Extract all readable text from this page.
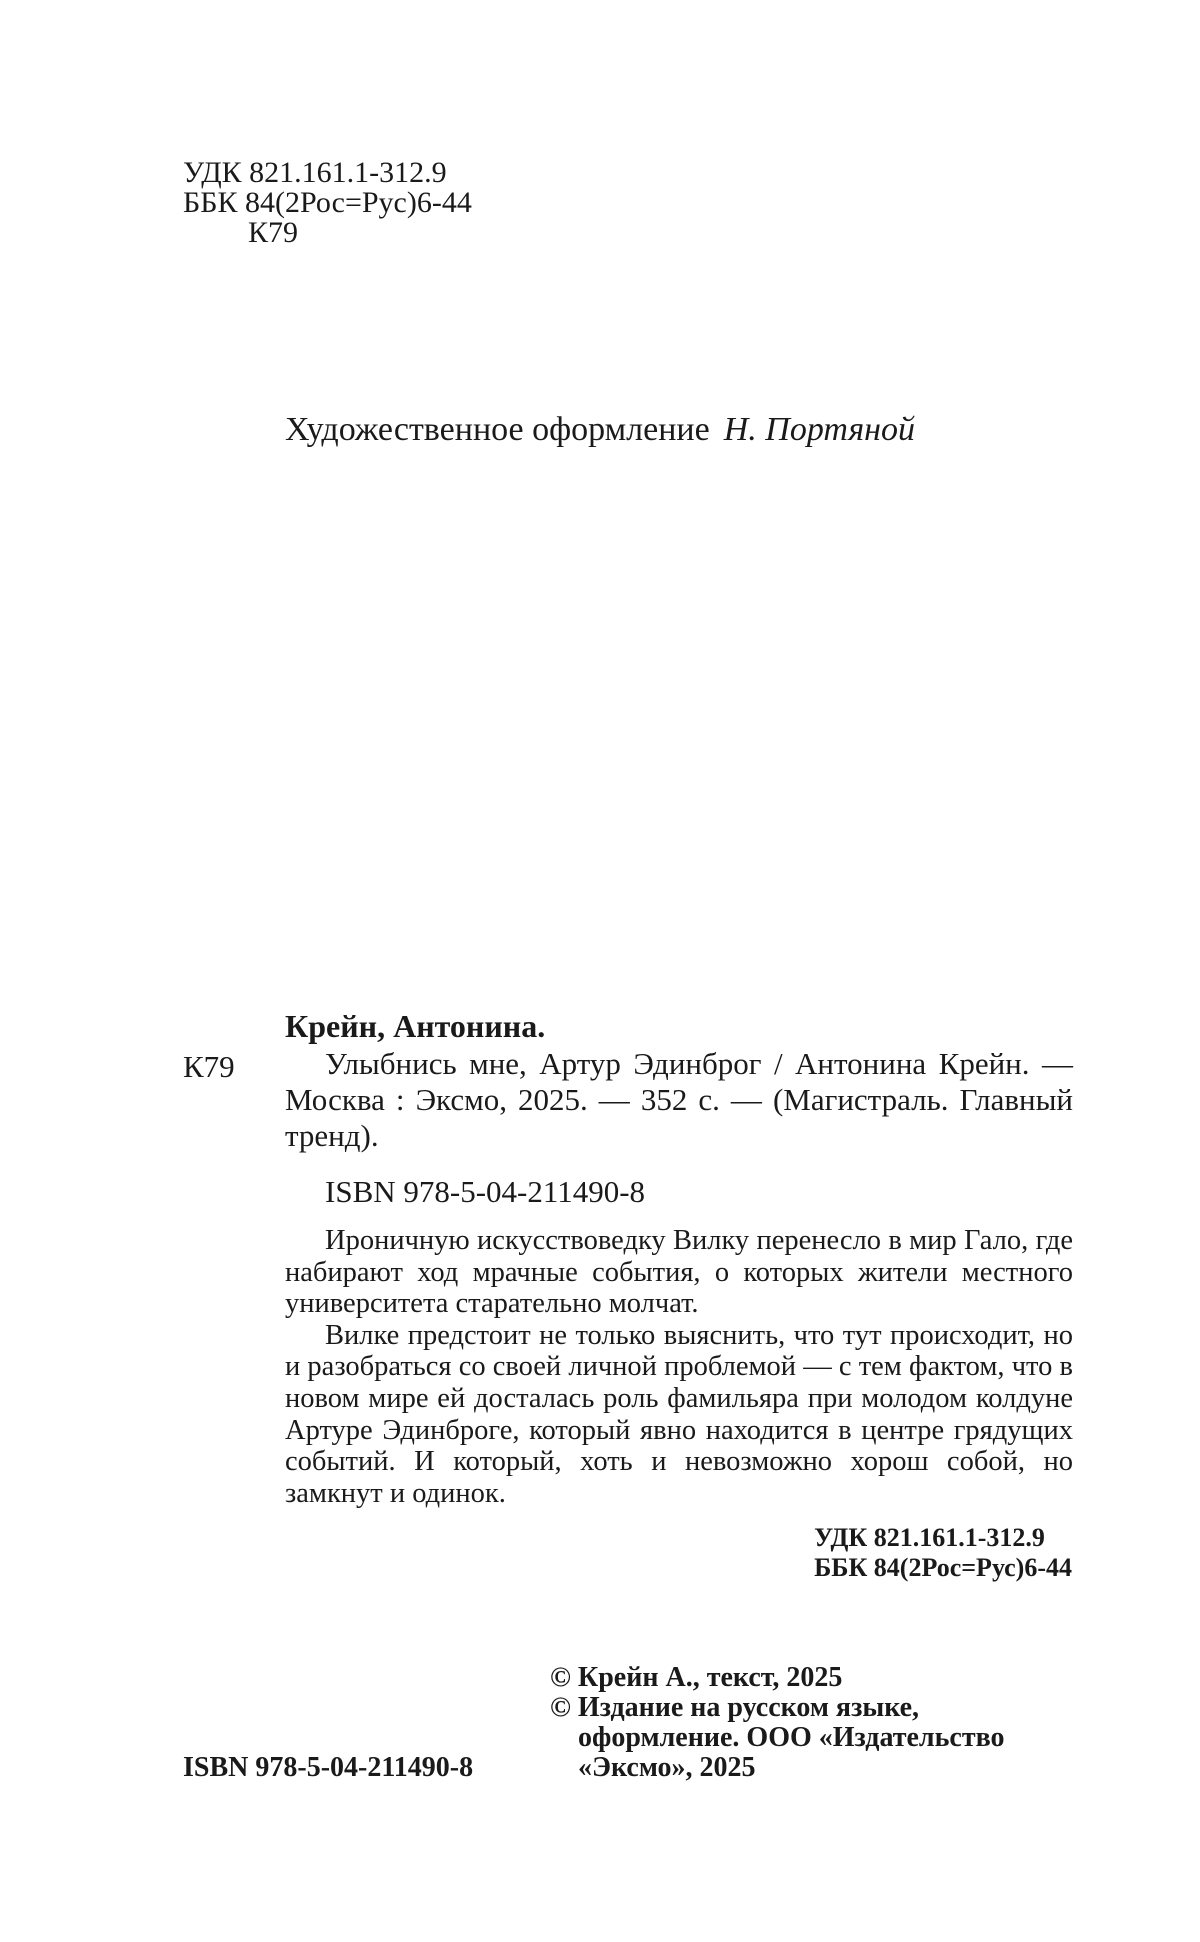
УДК 821.161.1-312.9
ББК 84(2Рос=Рус)6-44
К79
Художественное оформление Н. Портяной
К79
Крейн, Антонина.

Улыбнись мне, Артур Эдинброг / Антонина Крейн. — Москва : Эксмо, 2025. — 352 с. — (Магистраль. Главный тренд).

ISBN 978-5-04-211490-8

Ироничную искусствоведку Вилку перенесло в мир Гало, где набирают ход мрачные события, о которых жители местного университета старательно молчат.

Вилке предстоит не только выяснить, что тут происходит, но и разобраться со своей личной проблемой — с тем фактом, что в новом мире ей досталась роль фамильяра при молодом колдуне Артуре Эдинброге, который явно находится в центре грядущих событий. И который, хоть и невозможно хорош собой, но замкнут и одинок.

УДК 821.161.1-312.9
ББК 84(2Рос=Рус)6-44
© Крейн А., текст, 2025
© Издание на русском языке, оформление. ООО «Издательство «Эксмо», 2025
ISBN 978-5-04-211490-8
